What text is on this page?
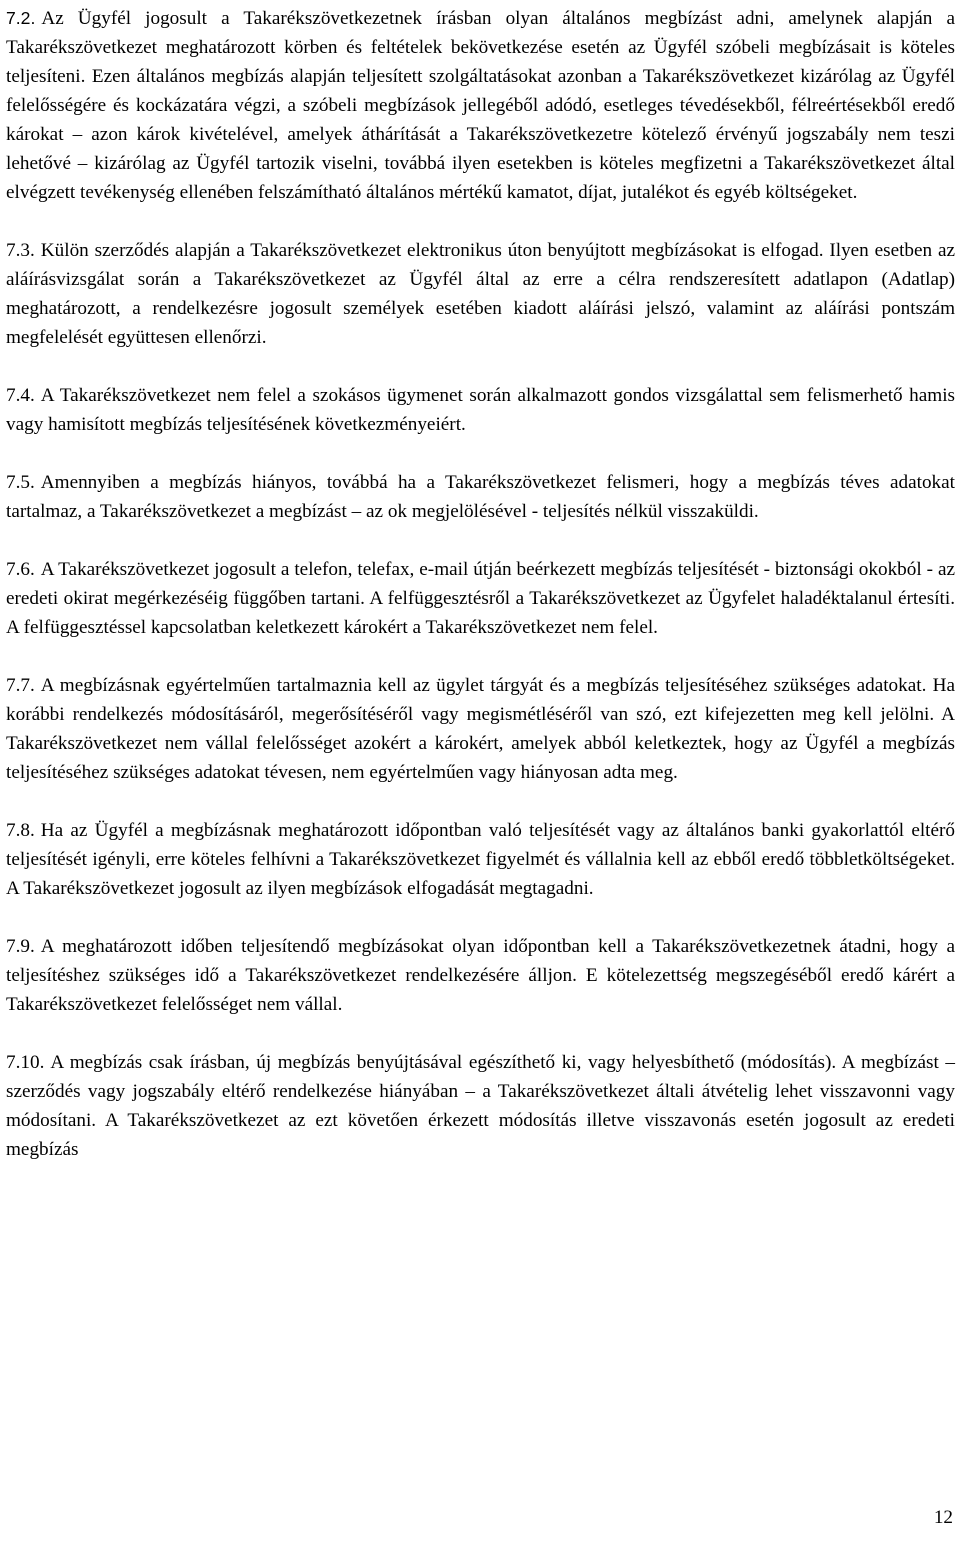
7.2. Az Ügyfél jogosult a Takarékszövetkezetnek írásban olyan általános megbízást adni, amelynek alapján a Takarékszövetkezet meghatározott körben és feltételek bekövetkezése esetén az Ügyfél szóbeli megbízásait is köteles teljesíteni. Ezen általános megbízás alapján teljesített szolgáltatásokat azonban a Takarékszövetkezet kizárólag az Ügyfél felelősségére és kockázatára végzi, a szóbeli megbízások jellegéből adódó, esetleges tévedésekből, félreértésekből eredő károkat – azon károk kivételével, amelyek áthárítását a Takarékszövetkezetre kötelező érvényű jogszabály nem teszi lehetővé – kizárólag az Ügyfél tartozik viselni, továbbá ilyen esetekben is köteles megfizetni a Takarékszövetkezet által elvégzett tevékenység ellenében felszámítható általános mértékű kamatot, díjat, jutalékot és egyéb költségeket.

7.3. Külön szerződés alapján a Takarékszövetkezet elektronikus úton benyújtott megbízásokat is elfogad. Ilyen esetben az aláírásvizsgálat során a Takarékszövetkezet az Ügyfél által az erre a célra rendszeresített adatlapon (Adatlap) meghatározott, a rendelkezésre jogosult személyek esetében kiadott aláírási jelszó, valamint az aláírási pontszám megfelelését együttesen ellenőrzi.

7.4. A Takarékszövetkezet nem felel a szokásos ügymenet során alkalmazott gondos vizsgálattal sem felismerhető hamis vagy hamisított megbízás teljesítésének következményeiért.

7.5. Amennyiben a megbízás hiányos, továbbá ha a Takarékszövetkezet felismeri, hogy a megbízás téves adatokat tartalmaz, a Takarékszövetkezet a megbízást – az ok megjelölésével - teljesítés nélkül visszaküldi.

7.6. A Takarékszövetkezet jogosult a telefon, telefax, e-mail útján beérkezett megbízás teljesítését - biztonsági okokból - az eredeti okirat megérkezéséig függőben tartani. A felfüggesztésről a Takarékszövetkezet az Ügyfelet haladéktalanul értesíti. A felfüggesztéssel kapcsolatban keletkezett károkért a Takarékszövetkezet nem felel.

7.7. A megbízásnak egyértelműen tartalmaznia kell az ügylet tárgyát és a megbízás teljesítéséhez szükséges adatokat. Ha korábbi rendelkezés módosításáról, megerősítéséről vagy megismétléséről van szó, ezt kifejezetten meg kell jelölni. A Takarékszövetkezet nem vállal felelősséget azokért a károkért, amelyek abból keletkeztek, hogy az Ügyfél a megbízás teljesítéséhez szükséges adatokat tévesen, nem egyértelműen vagy hiányosan adta meg.

7.8. Ha az Ügyfél a megbízásnak meghatározott időpontban való teljesítését vagy az általános banki gyakorlattól eltérő teljesítését igényli, erre köteles felhívni a Takarékszövetkezet figyelmét és vállalnia kell az ebből eredő többletköltségeket. A Takarékszövetkezet jogosult az ilyen megbízások elfogadását megtagadni.

7.9. A meghatározott időben teljesítendő megbízásokat olyan időpontban kell a Takarékszövetkezetnek átadni, hogy a teljesítéshez szükséges idő a Takarékszövetkezet rendelkezésére álljon. E kötelezettség megszegéséből eredő kárért a Takarékszövetkezet felelősséget nem vállal.

7.10. A megbízás csak írásban, új megbízás benyújtásával egészíthető ki, vagy helyesbíthető (módosítás). A megbízást – szerződés vagy jogszabály eltérő rendelkezése hiányában – a Takarékszövetkezet általi átvételig lehet visszavonni vagy módosítani. A Takarékszövetkezet az ezt követően érkezett módosítás illetve visszavonás esetén jogosult az eredeti megbízás

12
